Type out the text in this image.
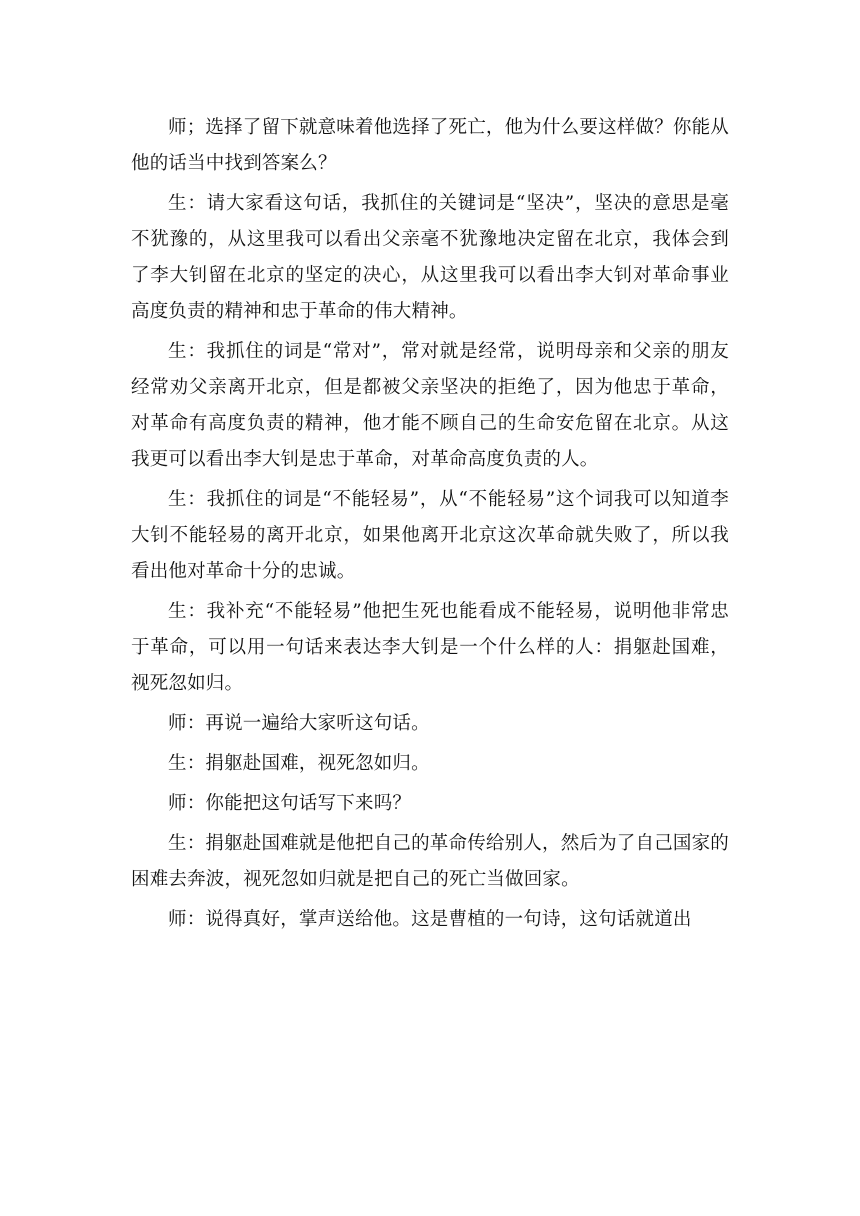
师；选择了留下就意味着他选择了死亡，他为什么要这样做？你能从他的话当中找到答案么？

生：请大家看这句话，我抓住的关键词是“坚决”，坚决的意思是毫不犹豫的，从这里我可以看出父亲毫不犹豫地决定留在北京，我体会到了李大钊留在北京的坚定的决心，从这里我可以看出李大钊对革命事业高度负责的精神和忠于革命的伟大精神。

生：我抓住的词是“常对”，常对就是经常，说明母亲和父亲的朋友经常劝父亲离开北京，但是都被父亲坚决的拒绝了，因为他忠于革命，对革命有高度负责的精神，他才能不顾自己的生命安危留在北京。从这我更可以看出李大钊是忠于革命，对革命高度负责的人。

生：我抓住的词是“不能轻易”，从“不能轻易”这个词我可以知道李大钊不能轻易的离开北京，如果他离开北京这次革命就失败了，所以我看出他对革命十分的忠诚。

生：我补充“不能轻易”他把生死也能看成不能轻易，说明他非常忠于革命，可以用一句话来表达李大钊是一个什么样的人：捐躯赴国难，视死忽如归。

师：再说一遍给大家听这句话。

生：捐躯赴国难，视死忽如归。

师：你能把这句话写下来吗？

生：捐躯赴国难就是他把自己的革命传给别人，然后为了自己国家的困难去奔波，视死忽如归就是把自己的死亡当做回家。

师：说得真好，掌声送给他。这是曹植的一句诗，这句话就道出
